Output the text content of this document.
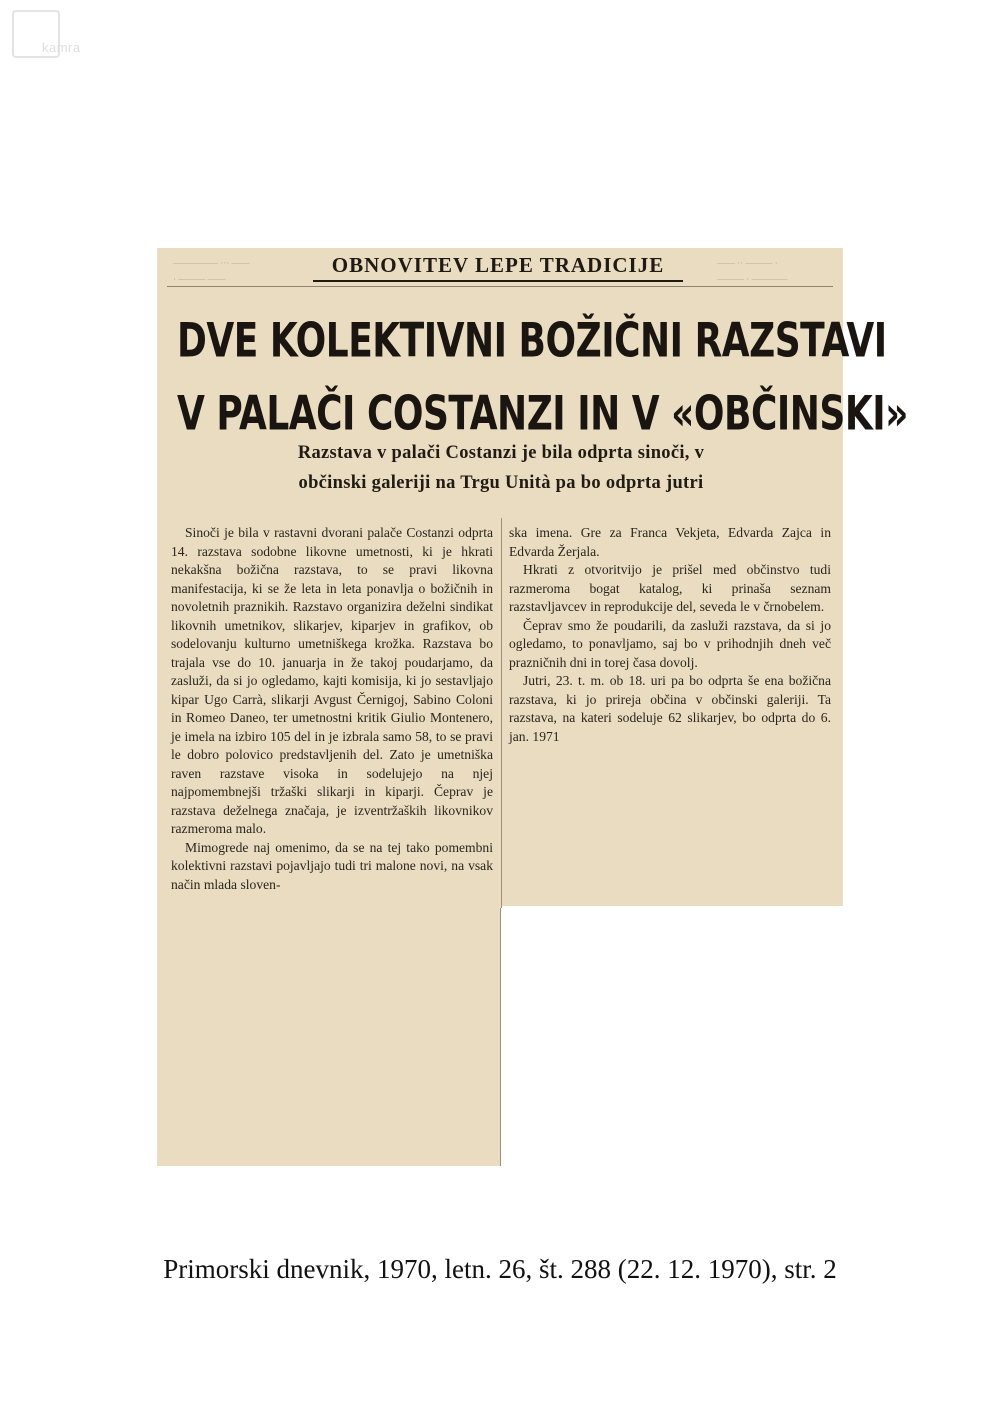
kamra
————— ··· ——	—— ·· ——— ·
· ——— ——	——— · ————
OBNOVITEV LEPE TRADICIJE
DVE KOLEKTIVNI BOŽIČNI RAZSTAVI
V PALAČI COSTANZI IN V «OBČINSKI»
Razstava v palači Costanzi je bila odprta sinoči, v
občinski galeriji na Trgu Unità pa bo odprta jutri

Sinoči je bila v rastavni dvorani palače Costanzi odprta 14. razstava sodobne likovne umetnosti, ki je hkrati nekakšna božična razstava, to se pravi likovna manifestacija, ki se že leta in leta ponavlja o božičnih in novoletnih praznikih. Razstavo organizira deželni sindikat likovnih umetnikov, slikarjev, kiparjev in grafikov, ob sodelovanju kulturno umetniškega krožka. Razstava bo trajala vse do 10. januarja in že takoj poudarjamo, da zasluži, da si jo ogledamo, kajti komisija, ki jo sestavljajo kipar Ugo Carrà, slikarji Avgust Černigoj, Sabino Coloni in Romeo Daneo, ter umetnostni kritik Giulio Montenero, je imela na izbiro 105 del in je izbrala samo 58, to se pravi le dobro polovico predstavljenih del. Zato je umetniška raven razstave visoka in sodelujejo na njej najpomembnejši tržaški slikarji in kiparji. Čeprav je razstava deželnega značaja, je izventržaških likovnikov razmeroma malo.

Mimogrede naj omenimo, da se na tej tako pomembni kolektivni razstavi pojavljajo tudi tri malone novi, na vsak način mlada sloven-

ska imena. Gre za Franca Vekjeta, Edvarda Zajca in Edvarda Žerjala.

Hkrati z otvoritvijo je prišel med občinstvo tudi razmeroma bogat katalog, ki prinaša seznam razstavljavcev in reprodukcije del, seveda le v črnobelem.

Čeprav smo že poudarili, da zasluži razstava, da si jo ogledamo, to ponavljamo, saj bo v prihodnjih dneh več prazničnih dni in torej časa dovolj.

Jutri, 23. t. m. ob 18. uri pa bo odprta še ena božična razstava, ki jo prireja občina v občinski galeriji. Ta razstava, na kateri sodeluje 62 slikarjev, bo odprta do 6. jan. 1971

Primorski dnevnik, 1970, letn. 26, št. 288 (22. 12. 1970), str. 2
